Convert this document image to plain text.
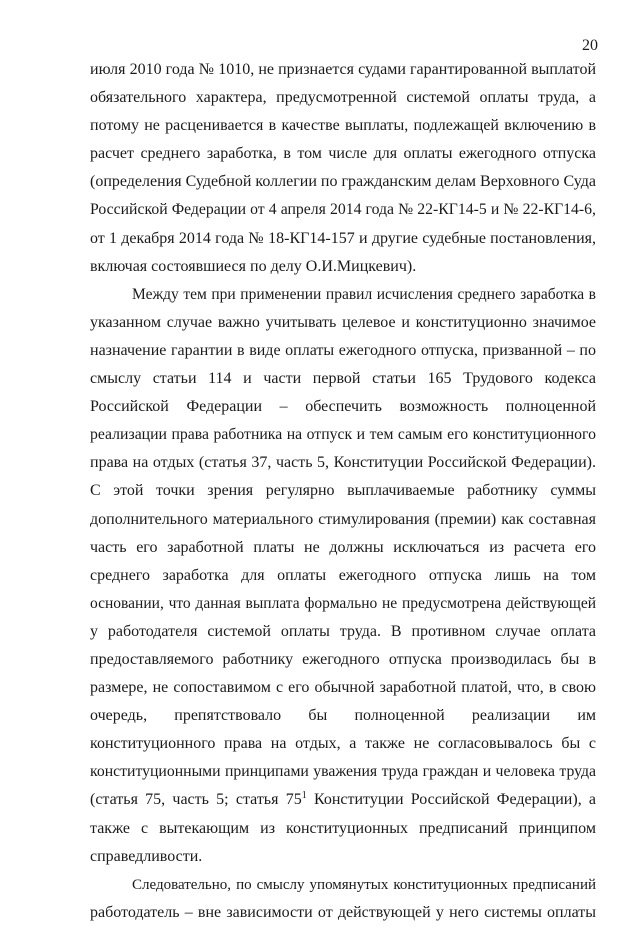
20

июля 2010 года № 1010, не признается судами гарантированной выплатой
обязательного характера, предусмотренной системой оплаты труда, а
потому не расценивается в качестве выплаты, подлежащей включению в
расчет среднего заработка, в том числе для оплаты ежегодного отпуска
(определения Судебной коллегии по гражданским делам Верховного Суда
Российской Федерации от 4 апреля 2014 года № 22-КГ14-5 и № 22-КГ14-6,
от 1 декабря 2014 года № 18-КГ14-157 и другие судебные постановления,
включая состоявшиеся по делу О.И.Мицкевич).

Между тем при применении правил исчисления среднего заработка в
указанном случае важно учитывать целевое и конституционно значимое
назначение гарантии в виде оплаты ежегодного отпуска, призванной – по
смыслу статьи 114 и части первой статьи 165 Трудового кодекса
Российской Федерации – обеспечить возможность полноценной
реализации права работника на отпуск и тем самым его конституционного
права на отдых (статья 37, часть 5, Конституции Российской Федерации).
С этой точки зрения регулярно выплачиваемые работнику суммы
дополнительного материального стимулирования (премии) как составная
часть его заработной платы не должны исключаться из расчета его
среднего заработка для оплаты ежегодного отпуска лишь на том
основании, что данная выплата формально не предусмотрена действующей
у работодателя системой оплаты труда. В противном случае оплата
предоставляемого работнику ежегодного отпуска производилась бы в
размере, не сопоставимом с его обычной заработной платой, что, в свою
очередь, препятствовало бы полноценной реализации им
конституционного права на отдых, а также не согласовывалось бы с
конституционными принципами уважения труда граждан и человека труда
(статья 75, часть 5; статья $75^1$ Конституции Российской Федерации), а
также с вытекающим из конституционных предписаний принципом
справедливости.

Следовательно, по смыслу упомянутых конституционных предписаний
работодатель – вне зависимости от действующей у него системы оплаты
